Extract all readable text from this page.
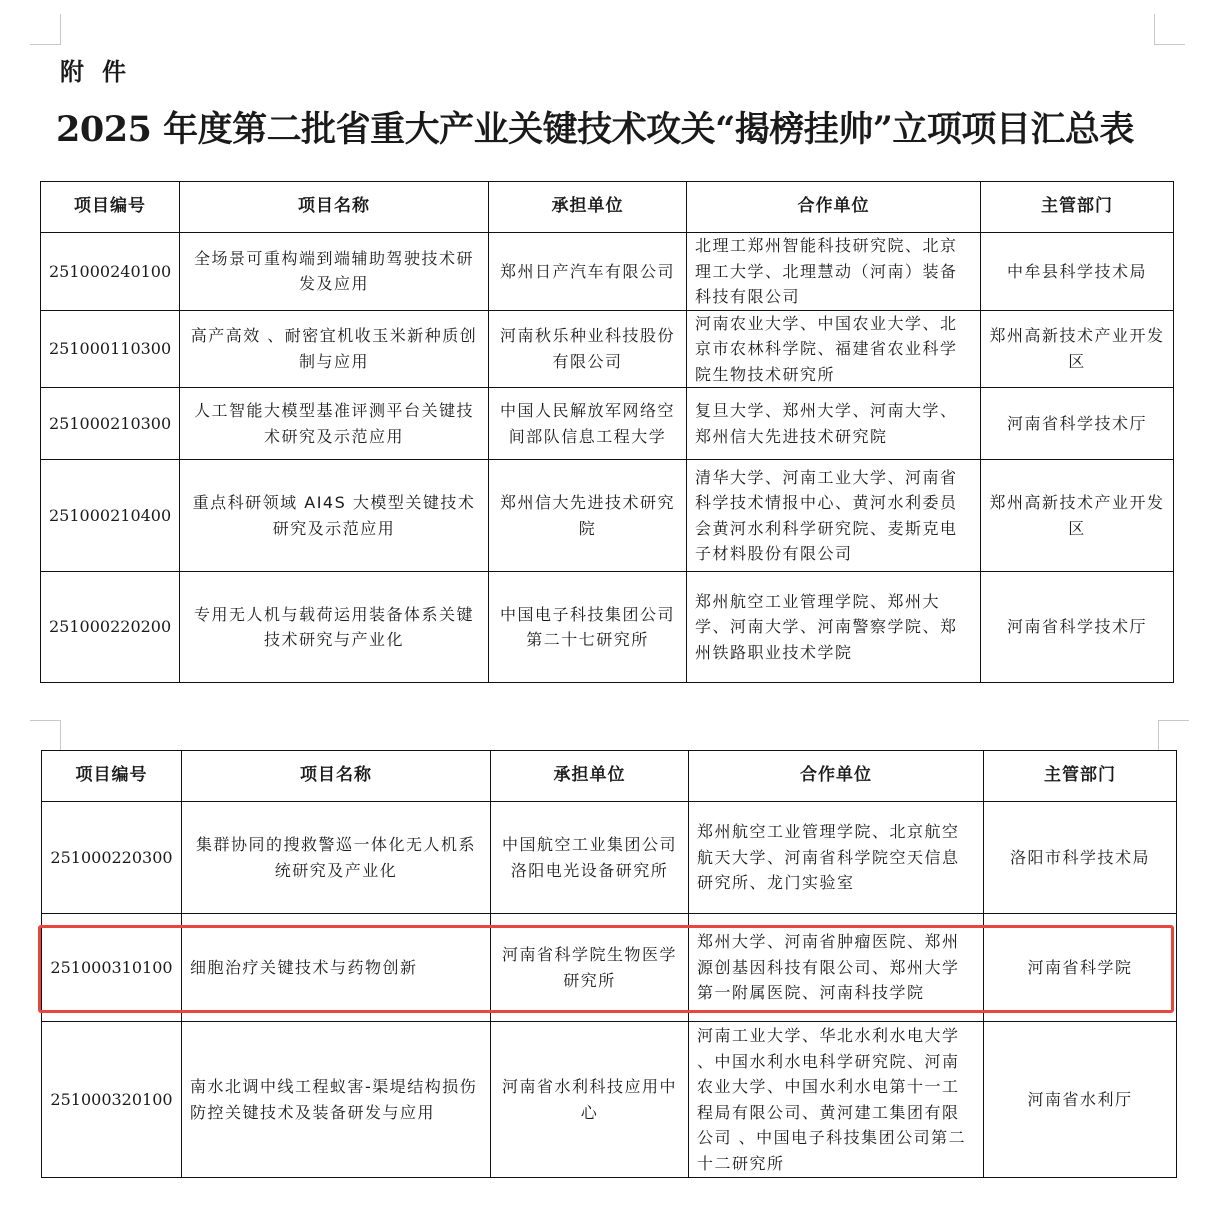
附件
2025 年度第二批省重大产业关键技术攻关“揭榜挂帅”立项项目汇总表
项目编号	项目名称	承担单位	合作单位	主管部门
251000240100	全场景可重构端到端辅助驾驶技术研发及应用	郑州日产汽车有限公司	北理工郑州智能科技研究院、北京理工大学、北理慧动（河南）装备科技有限公司	中牟县科学技术局
251000110300	高产高效 、耐密宜机收玉米新种质创制与应用	河南秋乐种业科技股份有限公司	河南农业大学、中国农业大学、北京市农林科学院、福建省农业科学院生物技术研究所	郑州高新技术产业开发区
251000210300	人工智能大模型基准评测平台关键技术研究及示范应用	中国人民解放军网络空间部队信息工程大学	复旦大学、郑州大学、河南大学、郑州信大先进技术研究院	河南省科学技术厅
251000210400	重点科研领域 AI4S 大模型关键技术研究及示范应用	郑州信大先进技术研究院	清华大学、河南工业大学、河南省科学技术情报中心、黄河水利委员会黄河水利科学研究院、麦斯克电子材料股份有限公司	郑州高新技术产业开发区
251000220200	专用无人机与载荷运用装备体系关键技术研究与产业化	中国电子科技集团公司第二十七研究所	郑州航空工业管理学院、郑州大学、河南大学、河南警察学院、郑州铁路职业技术学院	河南省科学技术厅
项目编号	项目名称	承担单位	合作单位	主管部门
251000220300	集群协同的搜救警巡一体化无人机系统研究及产业化	中国航空工业集团公司洛阳电光设备研究所	郑州航空工业管理学院、北京航空航天大学、河南省科学院空天信息研究所、龙门实验室	洛阳市科学技术局
251000310100	细胞治疗关键技术与药物创新	河南省科学院生物医学研究所	郑州大学、河南省肿瘤医院、郑州源创基因科技有限公司、郑州大学第一附属医院、河南科技学院	河南省科学院
251000320100	南水北调中线工程蚁害-渠堤结构损伤防控关键技术及装备研发与应用	河南省水利科技应用中心	河南工业大学、华北水利水电大学 、中国水利水电科学研究院、河南农业大学、中国水利水电第十一工程局有限公司、黄河建工集团有限公司 、中国电子科技集团公司第二十二研究所	河南省水利厅
